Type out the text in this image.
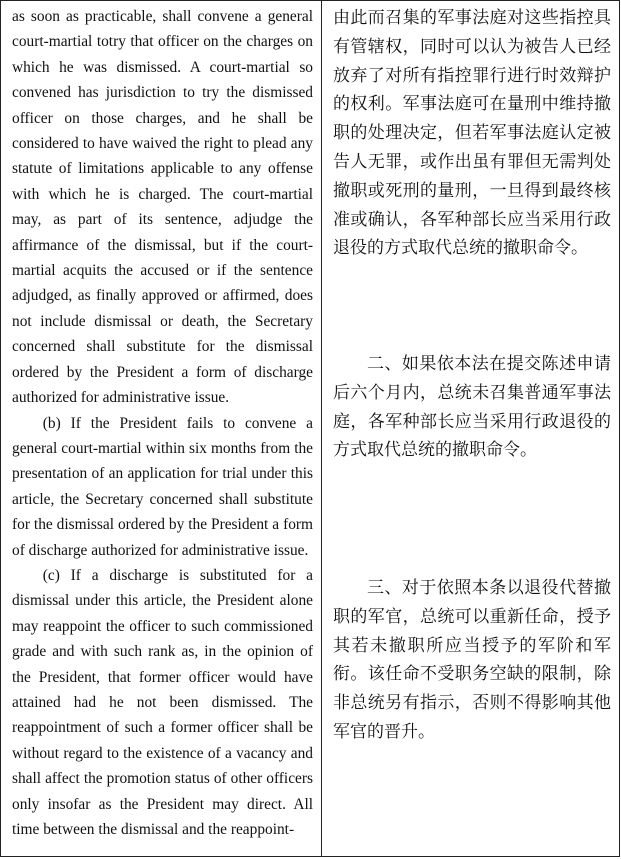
as soon as practicable, shall convene a general court-martial totry that officer on the charges on which he was dismissed. A court-martial so convened has jurisdiction to try the dismissed officer on those charges, and he shall be considered to have waived the right to plead any statute of limitations applicable to any offense with which he is charged. The court-martial may, as part of its sentence, adjudge the affirmance of the dismissal, but if the court-martial acquits the accused or if the sentence adjudged, as finally approved or affirmed, does not include dismissal or death, the Secretary concerned shall substitute for the dismissal ordered by the President a form of discharge authorized for administrative issue.

(b) If the President fails to convene a general court-martial within six months from the presentation of an application for trial under this article, the Secretary concerned shall substitute for the dismissal ordered by the President a form of discharge authorized for administrative issue.

(c) If a discharge is substituted for a dismissal under this article, the President alone may reappoint the officer to such commissioned grade and with such rank as, in the opinion of the President, that former officer would have attained had he not been dismissed. The reappointment of such a former officer shall be without regard to the existence of a vacancy and shall affect the promotion status of other officers only insofar as the President may direct. All time between the dismissal and the reappoint-

由此而召集的军事法庭对这些指控具有管辖权，同时可以认为被告人已经放弃了对所有指控罪行进行时效辩护的权利。军事法庭可在量刑中维持撤职的处理决定，但若军事法庭认定被告人无罪，或作出虽有罪但无需判处撤职或死刑的量刑，一旦得到最终核准或确认，各军种部长应当采用行政退役的方式取代总统的撤职命令。

二、如果依本法在提交陈述申请后六个月内，总统未召集普通军事法庭，各军种部长应当采用行政退役的方式取代总统的撤职命令。

三、对于依照本条以退役代替撤职的军官，总统可以重新任命，授予其若未撤职所应当授予的军阶和军衔。该任命不受职务空缺的限制，除非总统另有指示，否则不得影响其他军官的晋升。
